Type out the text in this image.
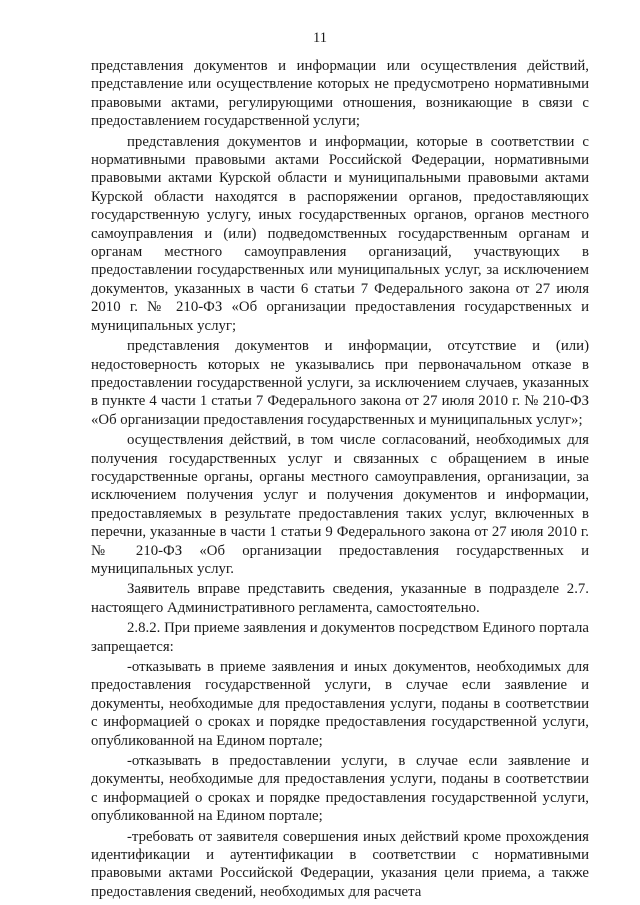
11

представления документов и информации или осуществления действий, представление или осуществление которых не предусмотрено нормативными правовыми актами, регулирующими отношения, возникающие в связи с предоставлением государственной услуги;

представления документов и информации, которые в соответствии с нормативными правовыми актами Российской Федерации, нормативными правовыми актами Курской области и муниципальными правовыми актами Курской области находятся в распоряжении органов, предоставляющих государственную услугу, иных государственных органов, органов местного самоуправления и (или) подведомственных государственным органам и органам местного самоуправления организаций, участвующих в предоставлении государственных или муниципальных услуг, за исключением документов, указанных в части 6 статьи 7 Федерального закона от 27 июля 2010 г. № 210-ФЗ «Об организации предоставления государственных и муниципальных услуг;

представления документов и информации, отсутствие и (или) недостоверность которых не указывались при первоначальном отказе в предоставлении государственной услуги, за исключением случаев, указанных в пункте 4 части 1 статьи 7 Федерального закона от 27 июля 2010 г. № 210-ФЗ «Об организации предоставления государственных и муниципальных услуг»;

осуществления действий, в том числе согласований, необходимых для получения государственных услуг и связанных с обращением в иные государственные органы, органы местного самоуправления, организации, за исключением получения услуг и получения документов и информации, предоставляемых в результате предоставления таких услуг, включенных в перечни, указанные в части 1 статьи 9 Федерального закона от 27 июля 2010 г. № 210-ФЗ «Об организации предоставления государственных и муниципальных услуг.

Заявитель вправе представить сведения, указанные в подразделе 2.7. настоящего Административного регламента, самостоятельно.

2.8.2. При приеме заявления и документов посредством Единого портала запрещается:

-отказывать в приеме заявления и иных документов, необходимых для предоставления государственной услуги, в случае если заявление и документы, необходимые для предоставления услуги, поданы в соответствии с информацией о сроках и порядке предоставления государственной услуги, опубликованной на Едином портале;

-отказывать в предоставлении услуги, в случае если заявление и документы, необходимые для предоставления услуги, поданы в соответствии с информацией о сроках и порядке предоставления государственной услуги, опубликованной на Едином портале;

-требовать от заявителя совершения иных действий кроме прохождения идентификации и аутентификации в соответствии с нормативными правовыми актами Российской Федерации, указания цели приема, а также предоставления сведений, необходимых для расчета
